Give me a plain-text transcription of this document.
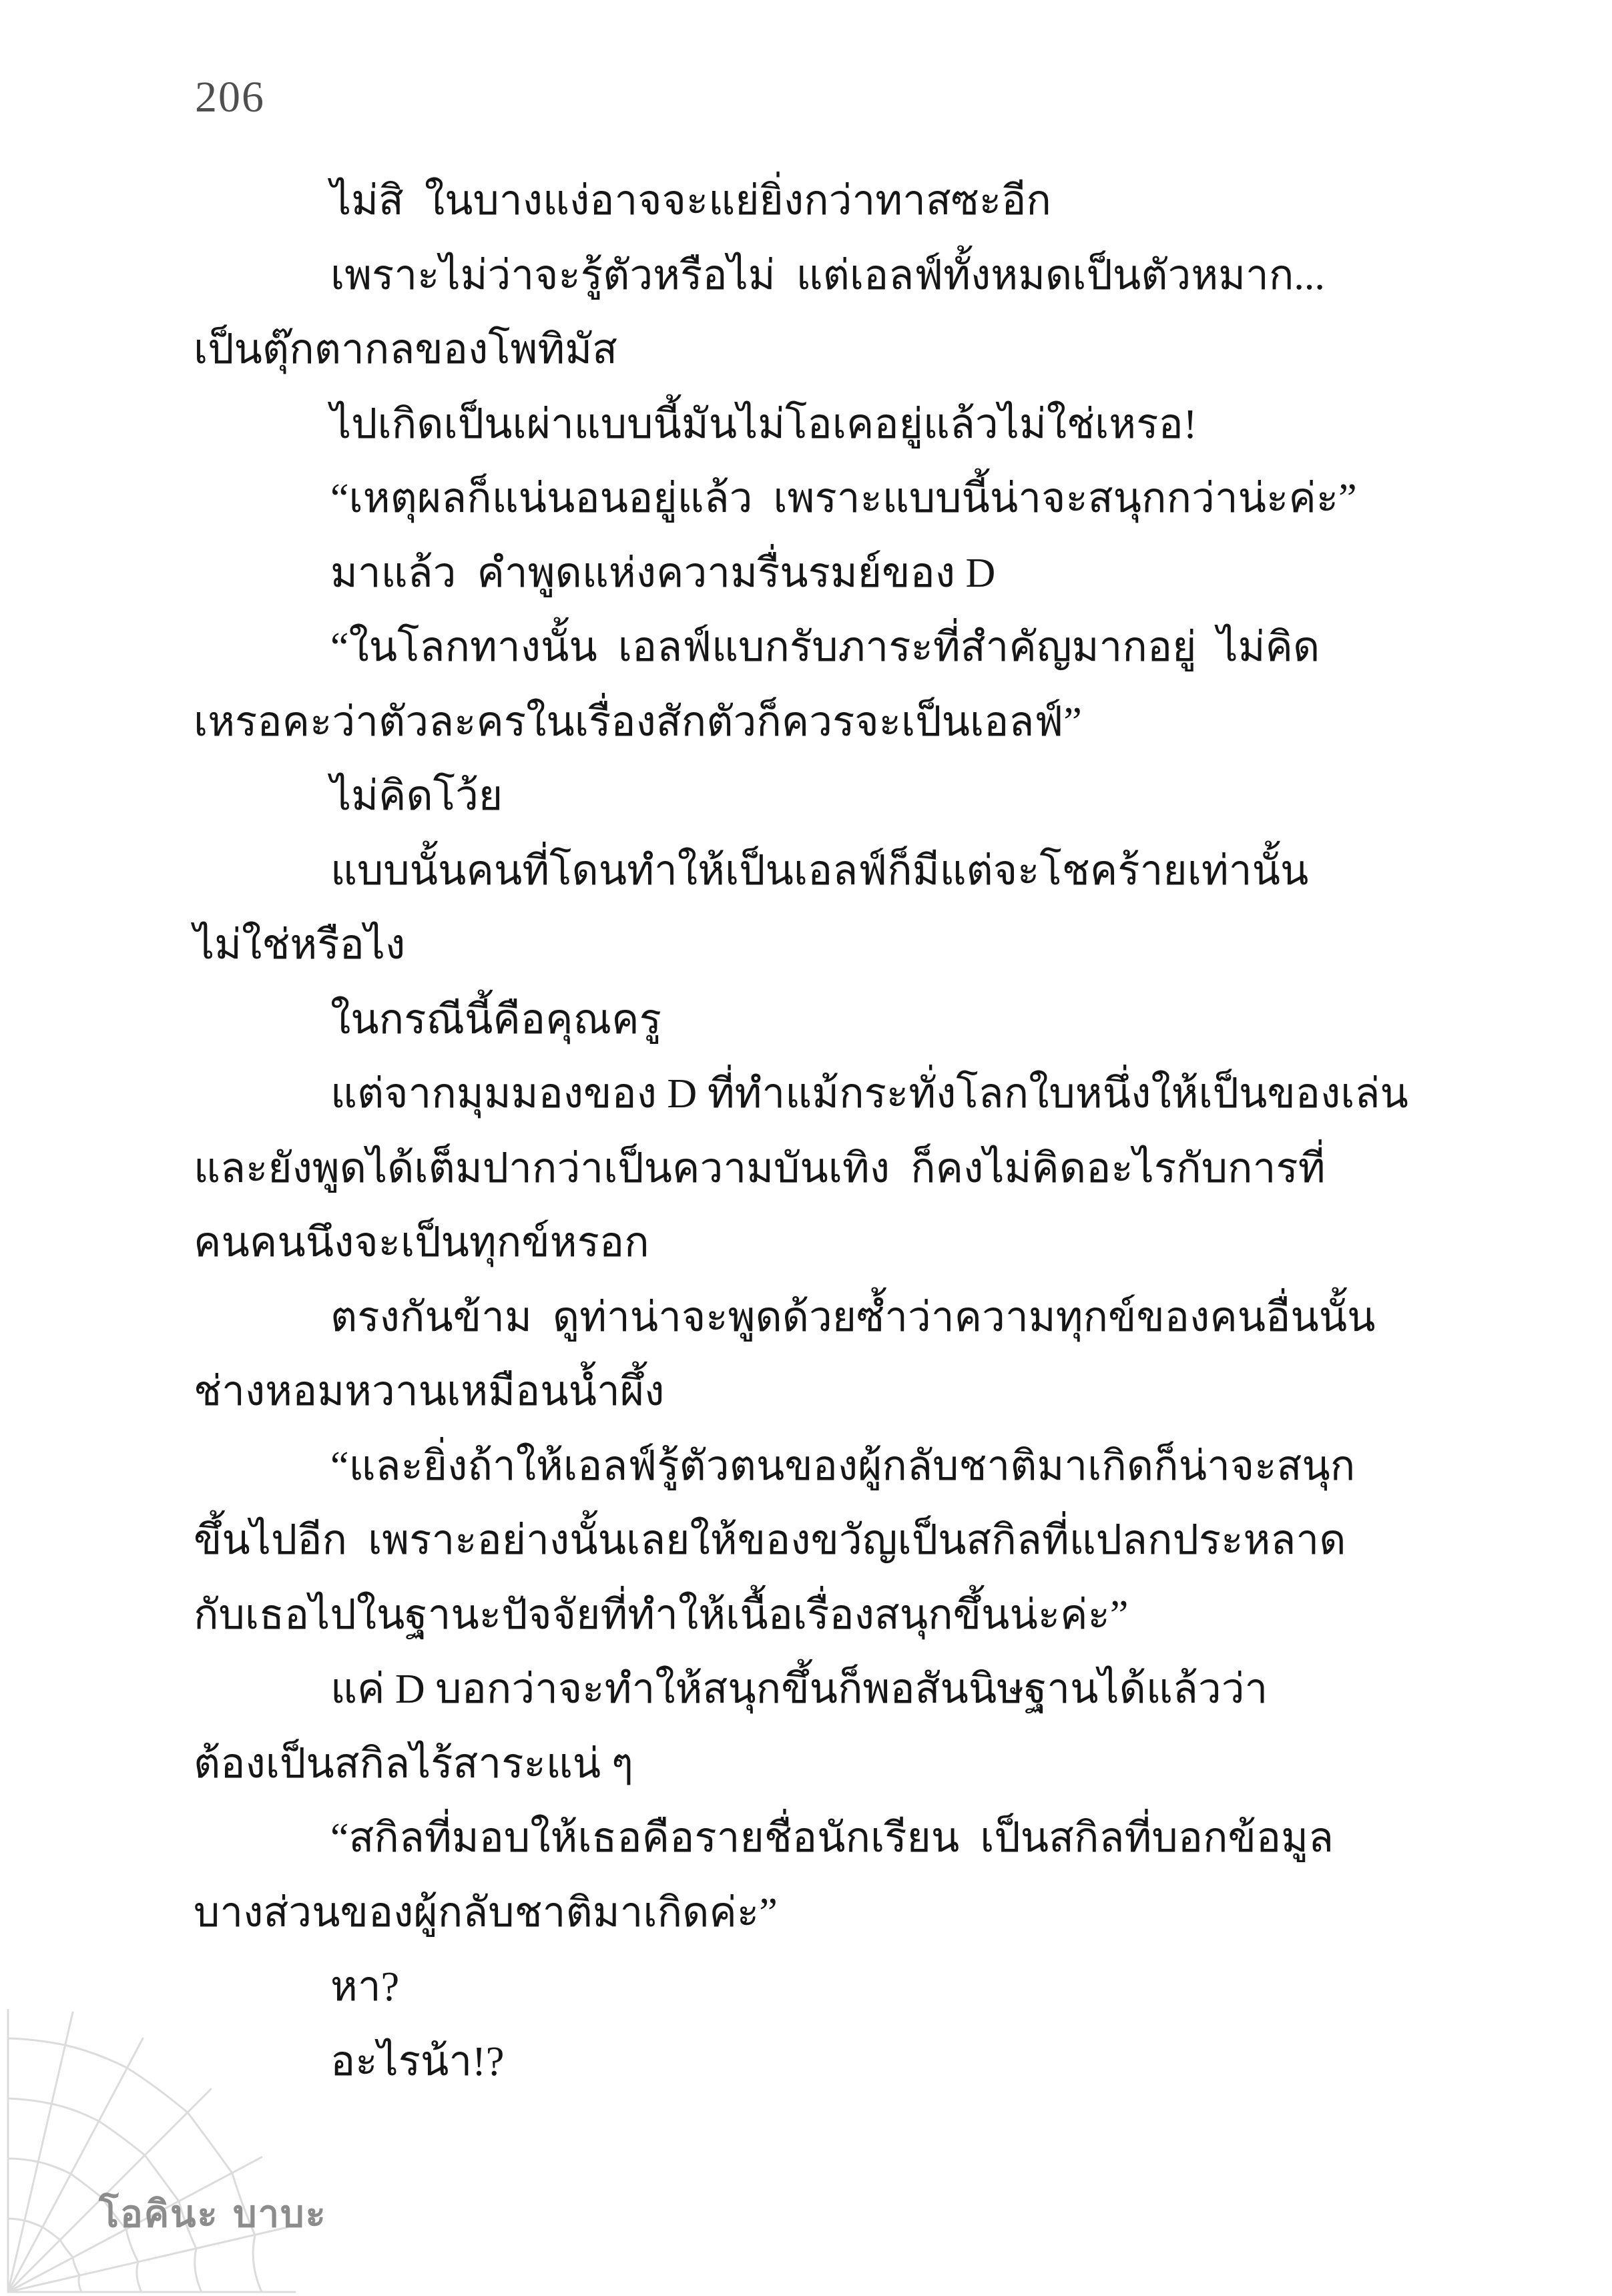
206
ไม่สิ  ในบางแง่อาจจะแย่ยิ่งกว่าทาสซะอีก
เพราะไม่ว่าจะรู้ตัวหรือไม่  แต่เอลฟ์ทั้งหมดเป็นตัวหมาก...
เป็นตุ๊กตากลของโพทิมัส
ไปเกิดเป็นเผ่าแบบนี้มันไม่โอเคอยู่แล้วไม่ใช่เหรอ!
“เหตุผลก็แน่นอนอยู่แล้ว  เพราะแบบนี้น่าจะสนุกกว่าน่ะค่ะ”
มาแล้ว  คำพูดแห่งความรื่นรมย์ของ D
“ในโลกทางนั้น  เอลฟ์แบกรับภาระที่สำคัญมากอยู่  ไม่คิด
เหรอคะว่าตัวละครในเรื่องสักตัวก็ควรจะเป็นเอลฟ์”
ไม่คิดโว้ย
แบบนั้นคนที่โดนทำให้เป็นเอลฟ์ก็มีแต่จะโชคร้ายเท่านั้น
ไม่ใช่หรือไง
ในกรณีนี้คือคุณครู
แต่จากมุมมองของ D ที่ทำแม้กระทั่งโลกใบหนึ่งให้เป็นของเล่น
และยังพูดได้เต็มปากว่าเป็นความบันเทิง  ก็คงไม่คิดอะไรกับการที่
คนคนนึงจะเป็นทุกข์หรอก
ตรงกันข้าม  ดูท่าน่าจะพูดด้วยซ้ำว่าความทุกข์ของคนอื่นนั้น
ช่างหอมหวานเหมือนน้ำผึ้ง
“และยิ่งถ้าให้เอลฟ์รู้ตัวตนของผู้กลับชาติมาเกิดก็น่าจะสนุก
ขึ้นไปอีก  เพราะอย่างนั้นเลยให้ของขวัญเป็นสกิลที่แปลกประหลาด
กับเธอไปในฐานะปัจจัยที่ทำให้เนื้อเรื่องสนุกขึ้นน่ะค่ะ”
แค่ D บอกว่าจะทำให้สนุกขึ้นก็พอสันนิษฐานได้แล้วว่า
ต้องเป็นสกิลไร้สาระแน่ ๆ
“สกิลที่มอบให้เธอคือรายชื่อนักเรียน  เป็นสกิลที่บอกข้อมูล
บางส่วนของผู้กลับชาติมาเกิดค่ะ”
หา?
อะไรน้า!?
โอคินะ บาบะ
